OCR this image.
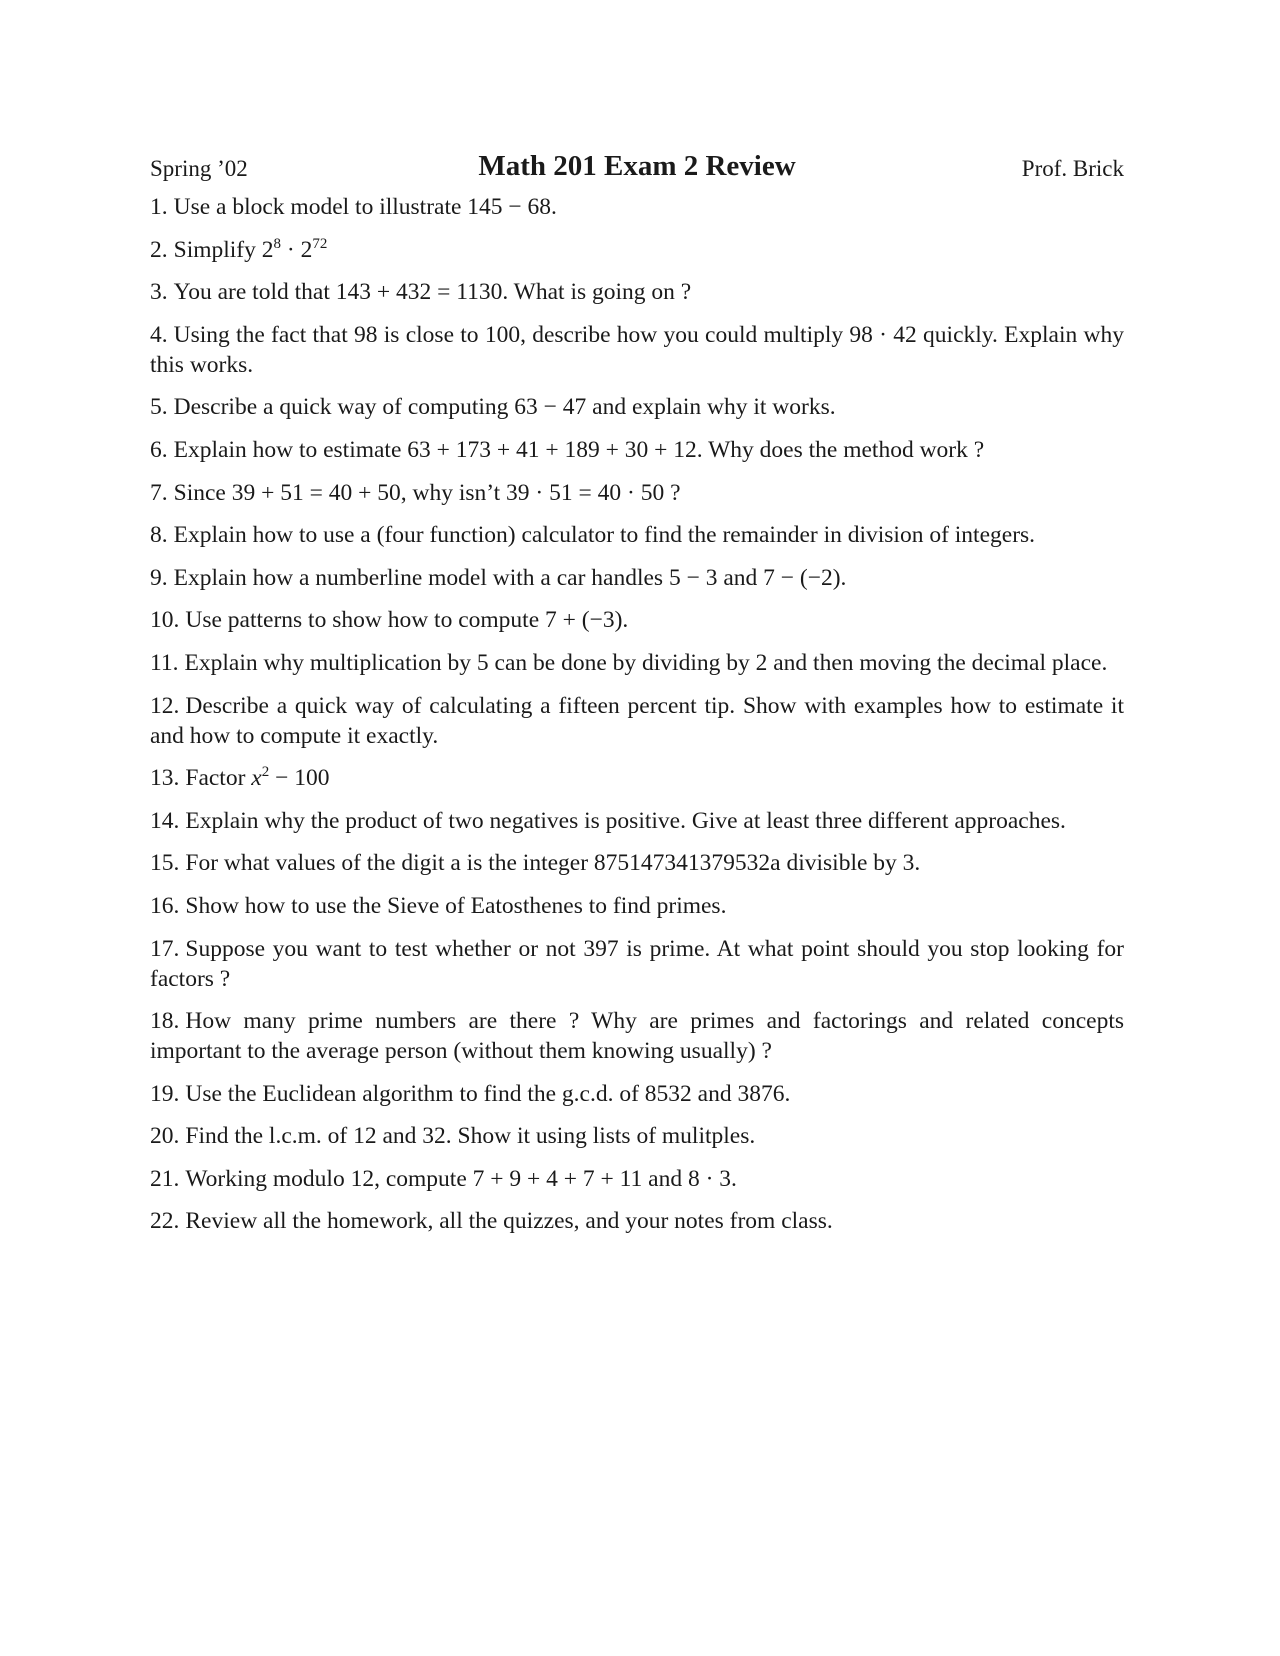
Spring ’02	Math 201 Exam 2 Review	Prof. Brick

1. Use a block model to illustrate 145 − 68.

2. Simplify $2^8 \cdot 2^{72}$

3. You are told that 143 + 432 = 1130. What is going on ?

4. Using the fact that 98 is close to 100, describe how you could multiply 98 · 42 quickly. Explain why this works.

5. Describe a quick way of computing 63 − 47 and explain why it works.

6. Explain how to estimate 63 + 173 + 41 + 189 + 30 + 12. Why does the method work ?

7. Since 39 + 51 = 40 + 50, why isn’t 39 · 51 = 40 · 50 ?

8. Explain how to use a (four function) calculator to find the remainder in division of integers.

9. Explain how a numberline model with a car handles 5 − 3 and 7 − (−2).

10. Use patterns to show how to compute 7 + (−3).

11. Explain why multiplication by 5 can be done by dividing by 2 and then moving the decimal place.

12. Describe a quick way of calculating a fifteen percent tip. Show with examples how to estimate it and how to compute it exactly.

13. Factor $x^2 - 100$

14. Explain why the product of two negatives is positive. Give at least three different approaches.

15. For what values of the digit a is the integer 875147341379532a divisible by 3.

16. Show how to use the Sieve of Eatosthenes to find primes.

17. Suppose you want to test whether or not 397 is prime. At what point should you stop looking for factors ?

18. How many prime numbers are there ? Why are primes and factorings and related concepts important to the average person (without them knowing usually) ?

19. Use the Euclidean algorithm to find the g.c.d. of 8532 and 3876.

20. Find the l.c.m. of 12 and 32. Show it using lists of mulitples.

21. Working modulo 12, compute 7 + 9 + 4 + 7 + 11 and 8 · 3.

22. Review all the homework, all the quizzes, and your notes from class.
